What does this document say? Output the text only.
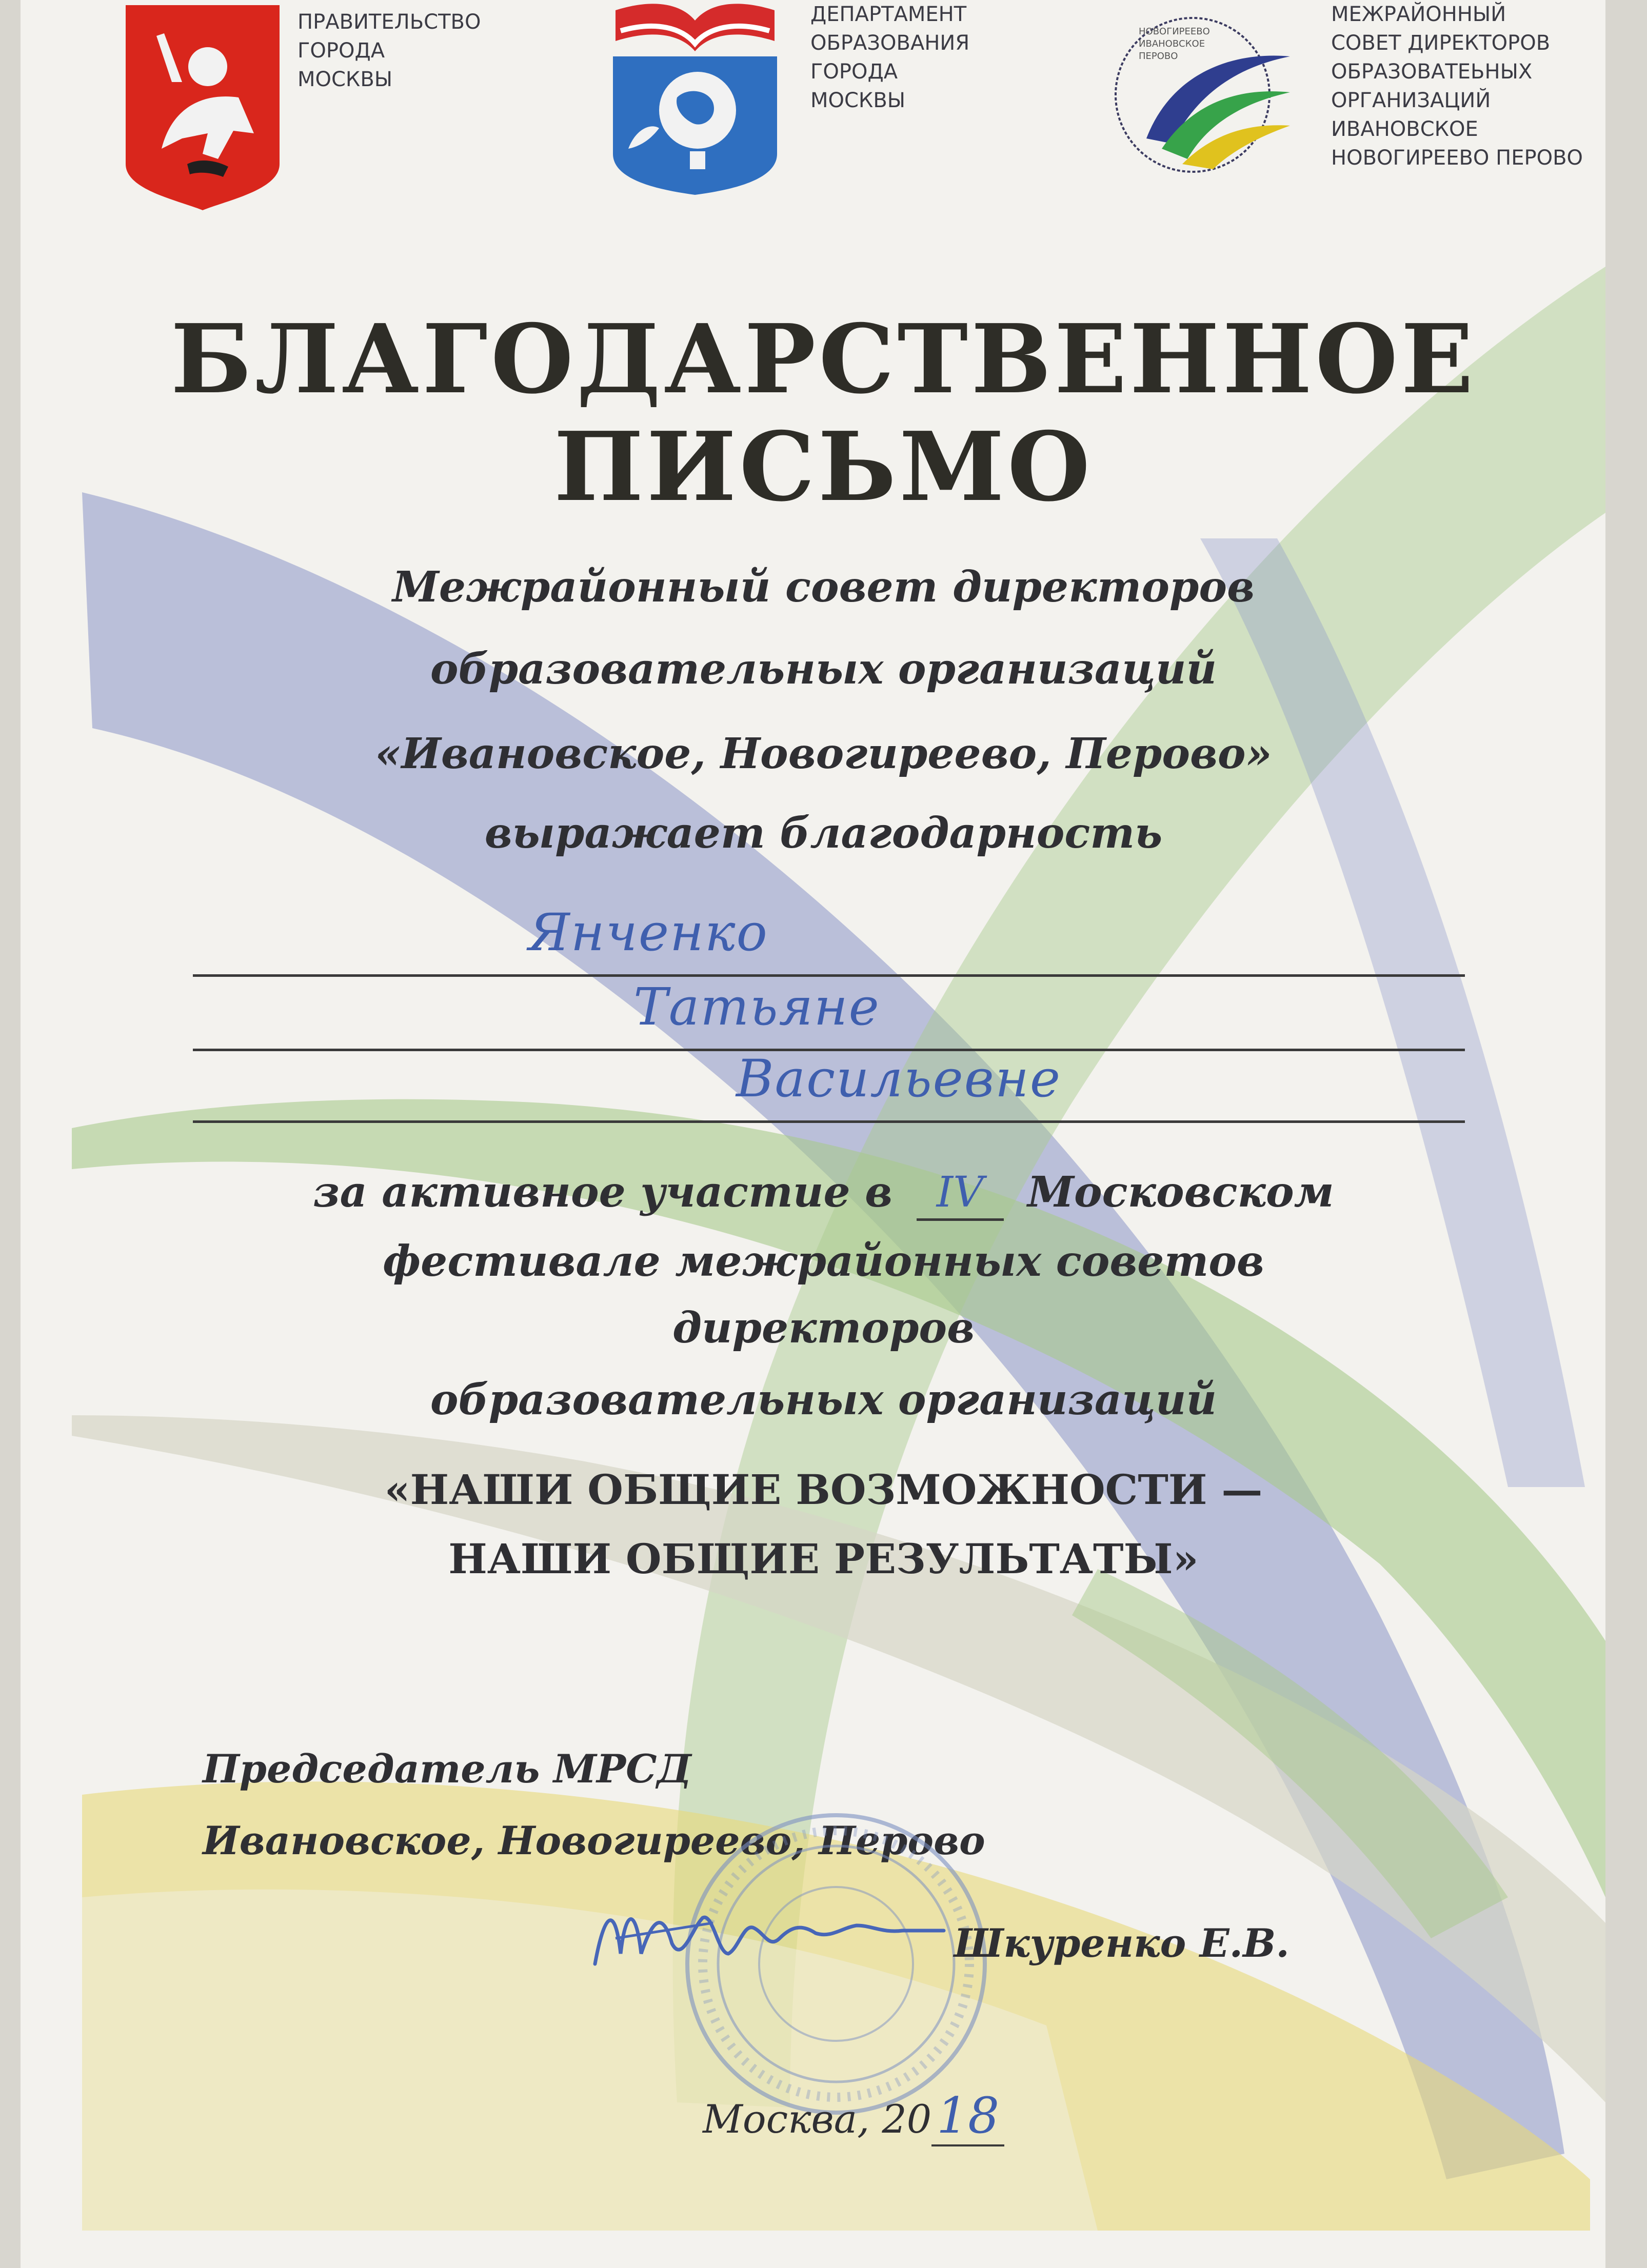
ПРАВИТЕЛЬСТВО
ГОРОДА
МОСКВЫ
ДЕПАРТАМЕНТ
ОБРАЗОВАНИЯ
ГОРОДА
МОСКВЫ
НОВОГИРЕЕВО
ИВАНОВСКОЕ
ПЕРОВО
МЕЖРАЙОННЫЙ
СОВЕТ ДИРЕКТОРОВ
ОБРАЗОВАТЕЬНЫХ
ОРГАНИЗАЦИЙ
ИВАНОВСКОЕ
НОВОГИРЕЕВО ПЕРОВО
БЛАГОДАРСТВЕННОЕ
ПИСЬМО
Межрайонный совет директоров
образовательных организаций
«Ивановское, Новогиреево, Перово»
выражает благодарность
Янченко
Татьяне
Васильевне
за активное участие в IV Московском
фестивале межрайонных советов
директоров
образовательных организаций
«НАШИ ОБЩИЕ ВОЗМОЖНОСТИ —
НАШИ ОБЩИЕ РЕЗУЛЬТАТЫ»
Председатель МРСД
Ивановское, Новогиреево, Перово
Шкуренко Е.В.
Москва, 20 18
